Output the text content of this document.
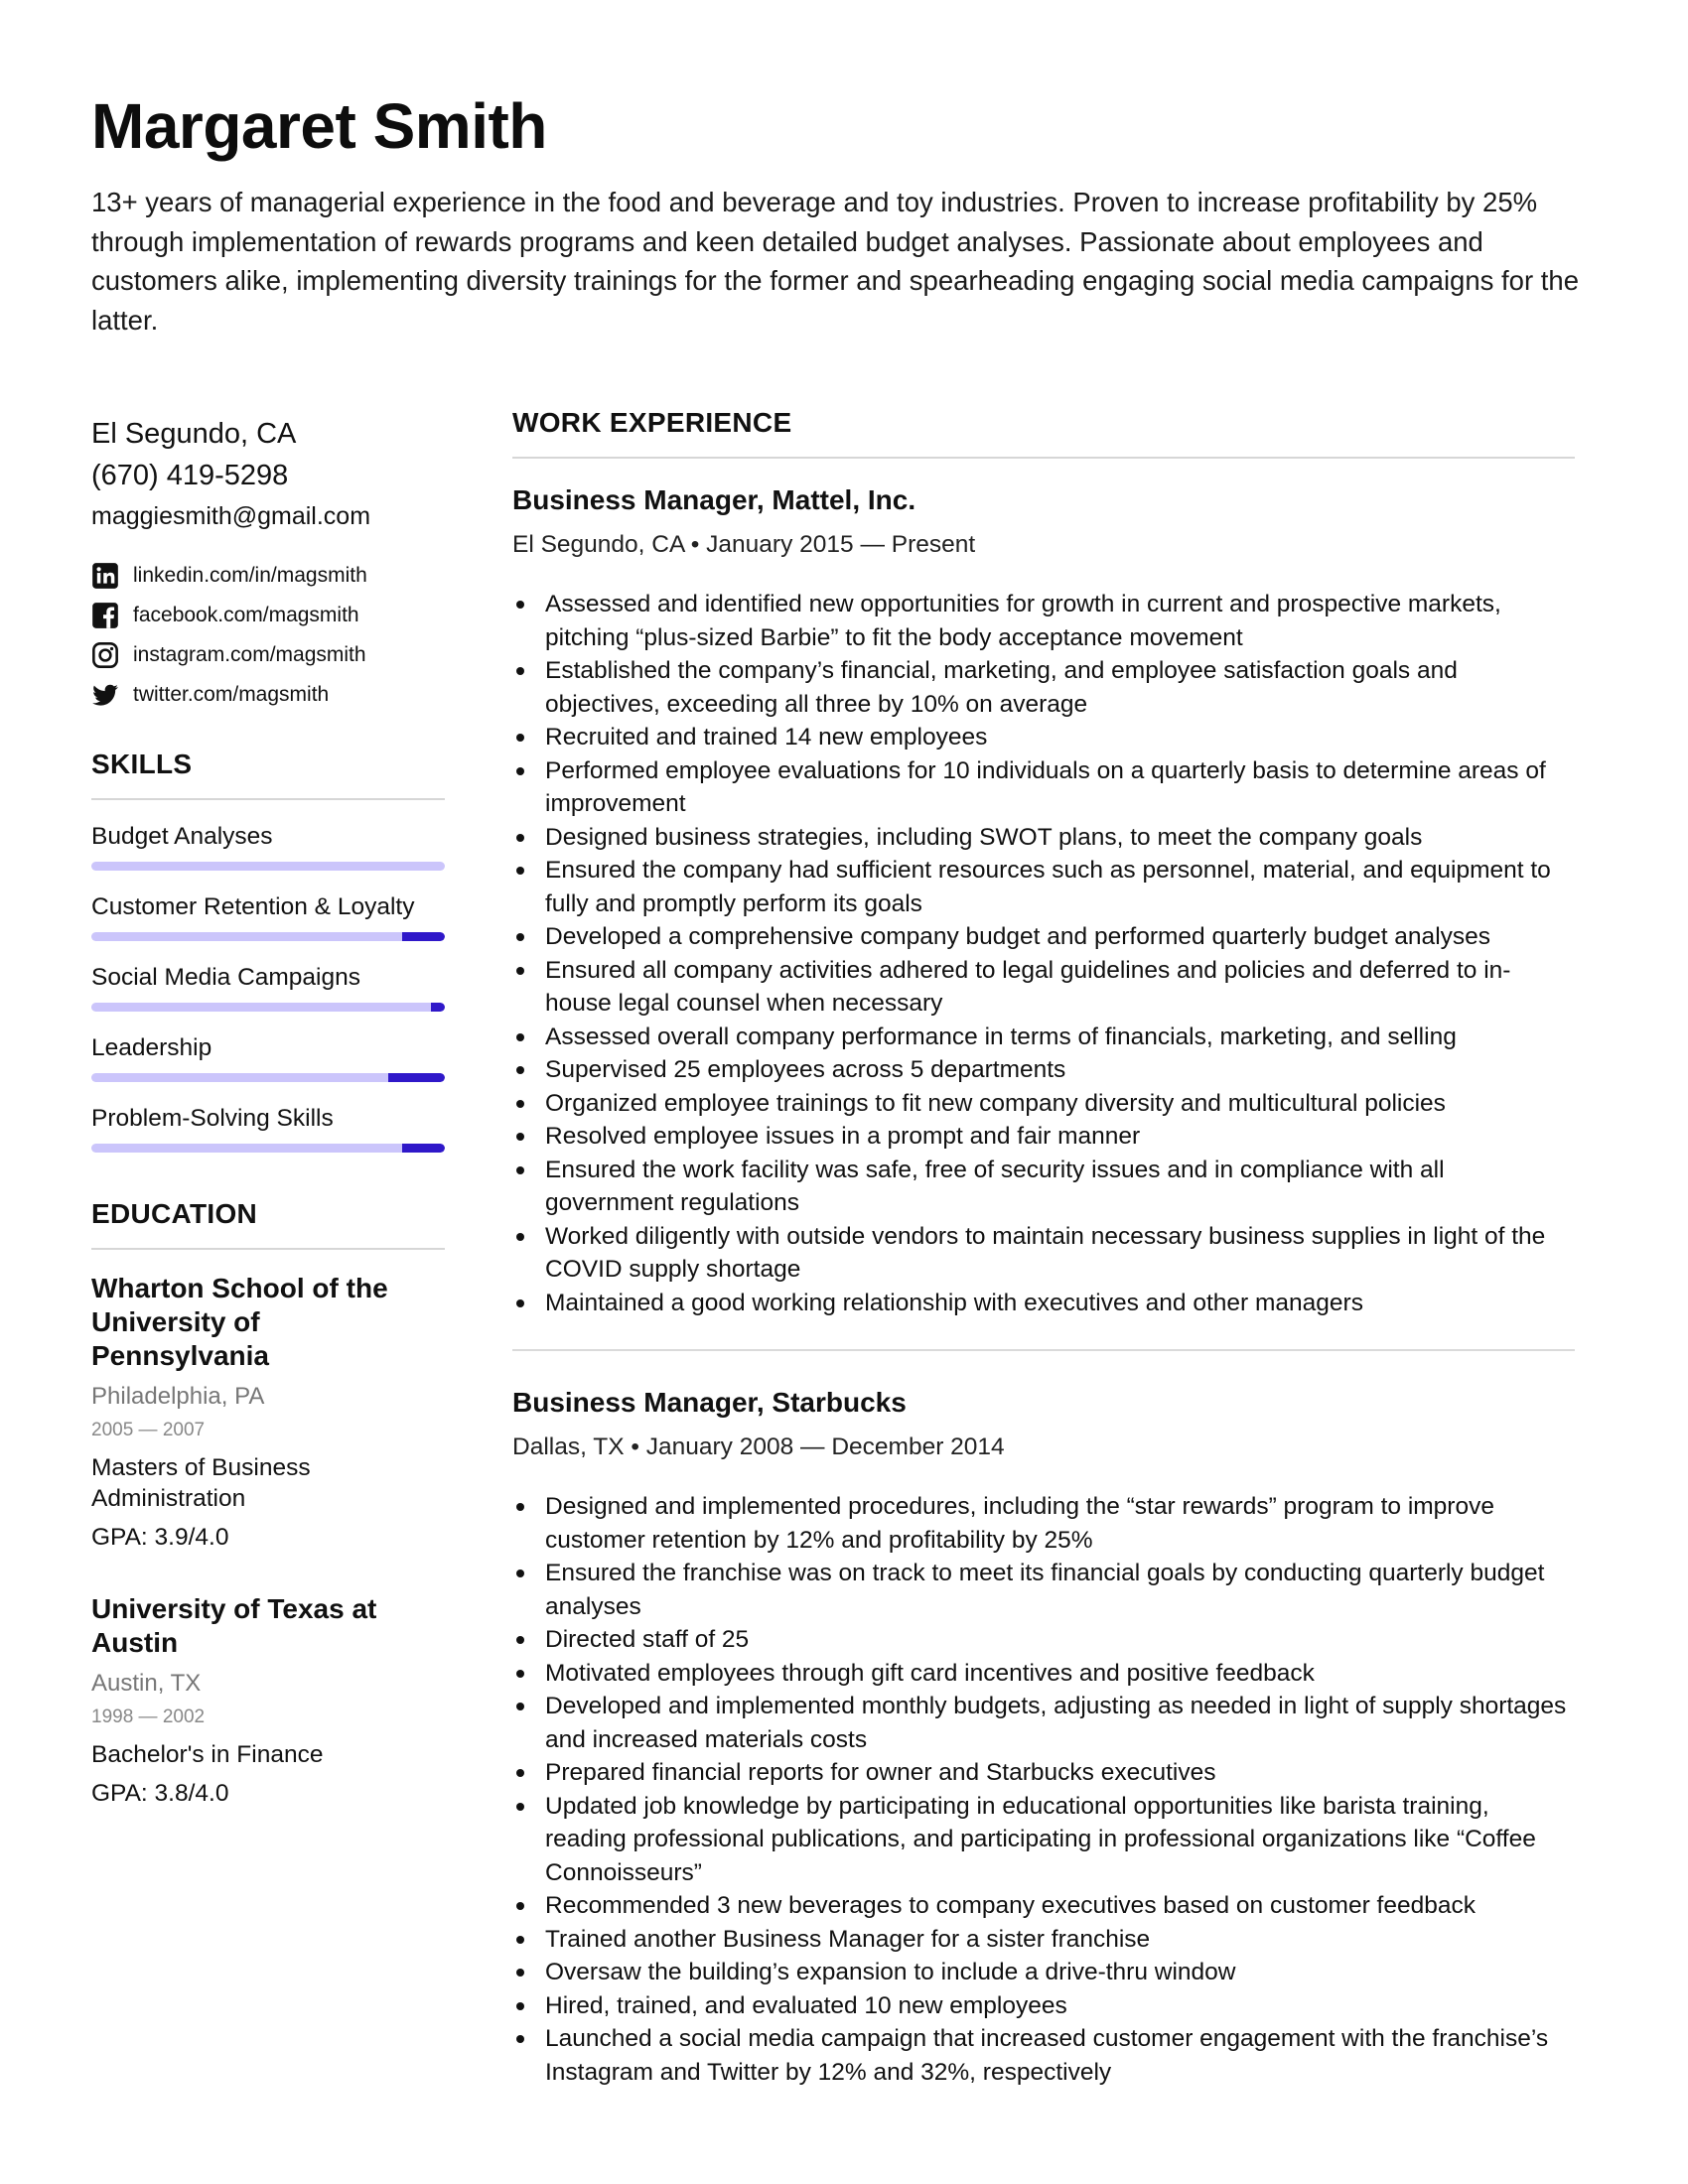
Margaret Smith
13+ years of managerial experience in the food and beverage and toy industries. Proven to increase profitability by 25% through implementation of rewards programs and keen detailed budget analyses. Passionate about employees and customers alike, implementing diversity trainings for the former and spearheading engaging social media campaigns for the latter.
El Segundo, CA
(670) 419-5298
maggiesmith@gmail.com
linkedin.com/in/magsmith
facebook.com/magsmith
instagram.com/magsmith
twitter.com/magsmith
SKILLS
Budget Analyses
Customer Retention & Loyalty
Social Media Campaigns
Leadership
Problem-Solving Skills
EDUCATION
Wharton School of the University of Pennsylvania
Philadelphia, PA
2005 — 2007
Masters of Business Administration
GPA: 3.9/4.0
University of Texas at Austin
Austin, TX
1998 — 2002
Bachelor's in Finance
GPA: 3.8/4.0
WORK EXPERIENCE
Business Manager, Mattel, Inc.
El Segundo, CA • January 2015 — Present
Assessed and identified new opportunities for growth in current and prospective markets, pitching “plus-sized Barbie” to fit the body acceptance movement
Established the company’s financial, marketing, and employee satisfaction goals and objectives, exceeding all three by 10% on average
Recruited and trained 14 new employees
Performed employee evaluations for 10 individuals on a quarterly basis to determine areas of improvement
Designed business strategies, including SWOT plans, to meet the company goals
Ensured the company had sufficient resources such as personnel, material, and equipment to fully and promptly perform its goals
Developed a comprehensive company budget and performed quarterly budget analyses
Ensured all company activities adhered to legal guidelines and policies and deferred to in-house legal counsel when necessary
Assessed overall company performance in terms of financials, marketing, and selling
Supervised 25 employees across 5 departments
Organized employee trainings to fit new company diversity and multicultural policies
Resolved employee issues in a prompt and fair manner
Ensured the work facility was safe, free of security issues and in compliance with all government regulations
Worked diligently with outside vendors to maintain necessary business supplies in light of the COVID supply shortage
Maintained a good working relationship with executives and other managers
Business Manager, Starbucks
Dallas, TX • January 2008 — December 2014
Designed and implemented procedures, including the “star rewards” program to improve customer retention by 12% and profitability by 25%
Ensured the franchise was on track to meet its financial goals by conducting quarterly budget analyses
Directed staff of 25
Motivated employees through gift card incentives and positive feedback
Developed and implemented monthly budgets, adjusting as needed in light of supply shortages and increased materials costs
Prepared financial reports for owner and Starbucks executives
Updated job knowledge by participating in educational opportunities like barista training, reading professional publications, and participating in professional organizations like “Coffee Connoisseurs”
Recommended 3 new beverages to company executives based on customer feedback
Trained another Business Manager for a sister franchise
Oversaw the building’s expansion to include a drive-thru window
Hired, trained, and evaluated 10 new employees
Launched a social media campaign that increased customer engagement with the franchise’s Instagram and Twitter by 12% and 32%, respectively
